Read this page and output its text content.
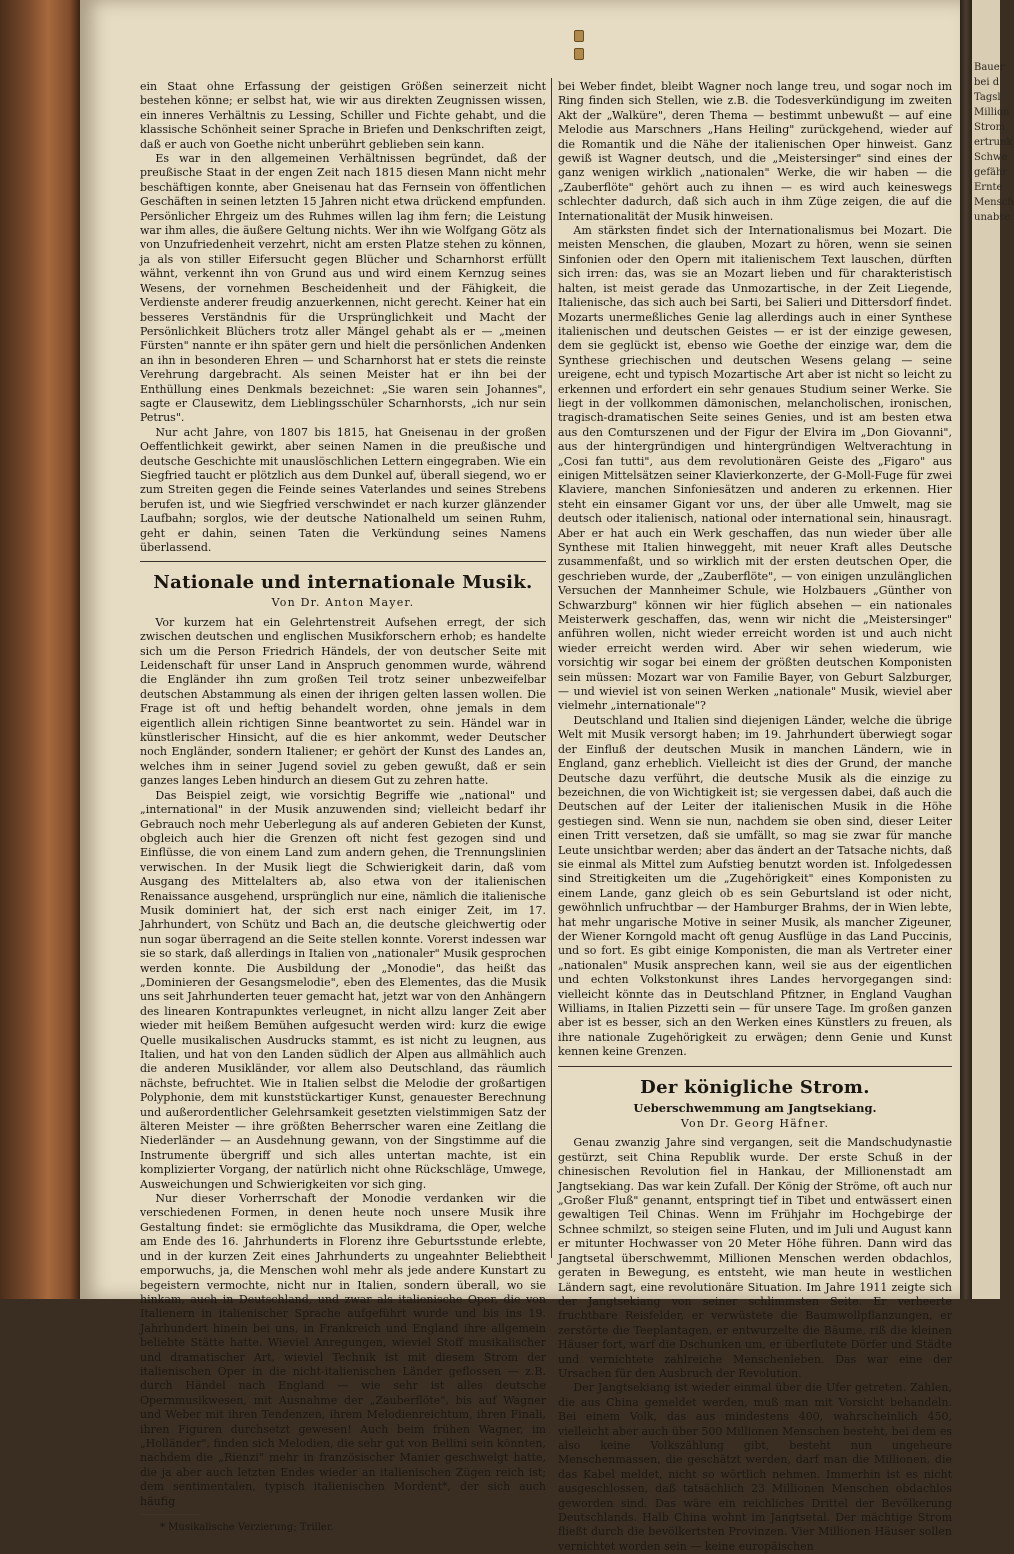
ein Staat ohne Erfassung der geistigen Größen seinerzeit nicht bestehen könne; er selbst hat, wie wir aus direkten Zeugnissen wissen, ein inneres Verhältnis zu Lessing, Schiller und Fichte gehabt, und die klassische Schönheit seiner Sprache in Briefen und Denkschriften zeigt, daß er auch von Goethe nicht unberührt geblieben sein kann.

Es war in den allgemeinen Verhältnissen begründet, daß der preußische Staat in der engen Zeit nach 1815 diesen Mann nicht mehr beschäftigen konnte, aber Gneisenau hat das Fernsein von öffentlichen Geschäften in seinen letzten 15 Jahren nicht etwa drückend empfunden. Persönlicher Ehrgeiz um des Ruhmes willen lag ihm fern; die Leistung war ihm alles, die äußere Geltung nichts. Wer ihn wie Wolfgang Götz als von Unzufriedenheit verzehrt, nicht am ersten Platze stehen zu können, ja als von stiller Eifersucht gegen Blücher und Scharnhorst erfüllt wähnt, verkennt ihn von Grund aus und wird einem Kernzug seines Wesens, der vornehmen Bescheidenheit und der Fähigkeit, die Verdienste anderer freudig anzuerkennen, nicht gerecht. Keiner hat ein besseres Verständnis für die Ursprünglichkeit und Macht der Persönlichkeit Blüchers trotz aller Mängel gehabt als er — „meinen Fürsten" nannte er ihn später gern und hielt die persönlichen Andenken an ihn in besonderen Ehren — und Scharnhorst hat er stets die reinste Verehrung dargebracht. Als seinen Meister hat er ihn bei der Enthüllung eines Denkmals bezeichnet: „Sie waren sein Johannes", sagte er Clausewitz, dem Lieblingsschüler Scharnhorsts, „ich nur sein Petrus".

Nur acht Jahre, von 1807 bis 1815, hat Gneisenau in der großen Oeffentlichkeit gewirkt, aber seinen Namen in die preußische und deutsche Geschichte mit unauslöschlichen Lettern eingegraben. Wie ein Siegfried taucht er plötzlich aus dem Dunkel auf, überall siegend, wo er zum Streiten gegen die Feinde seines Vaterlandes und seines Strebens berufen ist, und wie Siegfried verschwindet er nach kurzer glänzender Laufbahn; sorglos, wie der deutsche Nationalheld um seinen Ruhm, geht er dahin, seinen Taten die Verkündung seines Namens überlassend.

Nationale und internationale Musik.
Von Dr. Anton Mayer.

Vor kurzem hat ein Gelehrtenstreit Aufsehen erregt, der sich zwischen deutschen und englischen Musikforschern erhob; es handelte sich um die Person Friedrich Händels, der von deutscher Seite mit Leidenschaft für unser Land in Anspruch genommen wurde, während die Engländer ihn zum großen Teil trotz seiner unbezweifelbar deutschen Abstammung als einen der ihrigen gelten lassen wollen. Die Frage ist oft und heftig behandelt worden, ohne jemals in dem eigentlich allein richtigen Sinne beantwortet zu sein. Händel war in künstlerischer Hinsicht, auf die es hier ankommt, weder Deutscher noch Engländer, sondern Italiener; er gehört der Kunst des Landes an, welches ihm in seiner Jugend soviel zu geben gewußt, daß er sein ganzes langes Leben hindurch an diesem Gut zu zehren hatte.

Das Beispiel zeigt, wie vorsichtig Begriffe wie „national" und „international" in der Musik anzuwenden sind; vielleicht bedarf ihr Gebrauch noch mehr Ueberlegung als auf anderen Gebieten der Kunst, obgleich auch hier die Grenzen oft nicht fest gezogen sind und Einflüsse, die von einem Land zum andern gehen, die Trennungslinien verwischen. In der Musik liegt die Schwierigkeit darin, daß vom Ausgang des Mittelalters ab, also etwa von der italienischen Renaissance ausgehend, ursprünglich nur eine, nämlich die italienische Musik dominiert hat, der sich erst nach einiger Zeit, im 17. Jahrhundert, von Schütz und Bach an, die deutsche gleichwertig oder nun sogar überragend an die Seite stellen konnte. Vorerst indessen war sie so stark, daß allerdings in Italien von „nationaler" Musik gesprochen werden konnte. Die Ausbildung der „Monodie", das heißt das „Dominieren der Gesangsmelodie", eben des Elementes, das die Musik uns seit Jahrhunderten teuer gemacht hat, jetzt war von den Anhängern des linearen Kontrapunktes verleugnet, in nicht allzu langer Zeit aber wieder mit heißem Bemühen aufgesucht werden wird: kurz die ewige Quelle musikalischen Ausdrucks stammt, es ist nicht zu leugnen, aus Italien, und hat von den Landen südlich der Alpen aus allmählich auch die anderen Musikländer, vor allem also Deutschland, das räumlich nächste, befruchtet. Wie in Italien selbst die Melodie der großartigen Polyphonie, dem mit kunststückartiger Kunst, genauester Berechnung und außerordentlicher Gelehrsamkeit gesetzten vielstimmigen Satz der älteren Meister — ihre größten Beherrscher waren eine Zeitlang die Niederländer — an Ausdehnung gewann, von der Singstimme auf die Instrumente übergriff und sich alles untertan machte, ist ein komplizierter Vorgang, der natürlich nicht ohne Rückschläge, Umwege, Ausweichungen und Schwierigkeiten vor sich ging.

Nur dieser Vorherrschaft der Monodie verdanken wir die verschiedenen Formen, in denen heute noch unsere Musik ihre Gestaltung findet: sie ermöglichte das Musikdrama, die Oper, welche am Ende des 16. Jahrhunderts in Florenz ihre Geburtsstunde erlebte, und in der kurzen Zeit eines Jahrhunderts zu ungeahnter Beliebtheit emporwuchs, ja, die Menschen wohl mehr als jede andere Kunstart zu begeistern vermochte, nicht nur in Italien, sondern überall, wo sie hinkam, auch in Deutschland, und zwar als italienische Oper, die von Italienern in italienischer Sprache aufgeführt wurde und bis ins 19. Jahrhundert hinein bei uns, in Frankreich und England ihre allgemein beliebte Stätte hatte. Wieviel Anregungen, wieviel Stoff musikalischer und dramatischer Art, wieviel Technik ist mit diesem Strom der italienischen Oper in die nicht-italienischen Länder geflossen — z.B. durch Händel nach England — wie sehr ist alles deutsche Opernmusikwesen, mit Ausnahme der „Zauberflöte", bis auf Wagner und Weber mit ihren Tendenzen, ihrem Melodienreichtum, ihren Finali, ihren Figuren durchsetzt gewesen! Auch beim frühen Wagner, im „Holländer", finden sich Melodien, die sehr gut von Bellini sein könnten, nachdem die „Rienzi" mehr in französischer Manier geschwelgt hatte, die ja aber auch letzten Endes wieder an italienischen Zügen reich ist; dem sentimentalen, typisch italienischen Mordent*, der sich auch häufig

* Musikalische Verzierung; Triller.

bei Weber findet, bleibt Wagner noch lange treu, und sogar noch im Ring finden sich Stellen, wie z.B. die Todesverkündigung im zweiten Akt der „Walküre", deren Thema — bestimmt unbewußt — auf eine Melodie aus Marschners „Hans Heiling" zurückgehend, wieder auf die Romantik und die Nähe der italienischen Oper hinweist. Ganz gewiß ist Wagner deutsch, und die „Meistersinger" sind eines der ganz wenigen wirklich „nationalen" Werke, die wir haben — die „Zauberflöte" gehört auch zu ihnen — es wird auch keineswegs schlechter dadurch, daß sich auch in ihm Züge zeigen, die auf die Internationalität der Musik hinweisen.

Am stärksten findet sich der Internationalismus bei Mozart. Die meisten Menschen, die glauben, Mozart zu hören, wenn sie seinen Sinfonien oder den Opern mit italienischem Text lauschen, dürften sich irren: das, was sie an Mozart lieben und für charakteristisch halten, ist meist gerade das Unmozartische, in der Zeit Liegende, Italienische, das sich auch bei Sarti, bei Salieri und Dittersdorf findet. Mozarts unermeßliches Genie lag allerdings auch in einer Synthese italienischen und deutschen Geistes — er ist der einzige gewesen, dem sie geglückt ist, ebenso wie Goethe der einzige war, dem die Synthese griechischen und deutschen Wesens gelang — seine ureigene, echt und typisch Mozartische Art aber ist nicht so leicht zu erkennen und erfordert ein sehr genaues Studium seiner Werke. Sie liegt in der vollkommen dämonischen, melancholischen, ironischen, tragisch-dramatischen Seite seines Genies, und ist am besten etwa aus den Comturszenen und der Figur der Elvira im „Don Giovanni", aus der hintergründigen und hintergründigen Weltverachtung in „Cosi fan tutti", aus dem revolutionären Geiste des „Figaro" aus einigen Mittelsätzen seiner Klavierkonzerte, der G-Moll-Fuge für zwei Klaviere, manchen Sinfoniesätzen und anderen zu erkennen. Hier steht ein einsamer Gigant vor uns, der über alle Umwelt, mag sie deutsch oder italienisch, national oder international sein, hinausragt. Aber er hat auch ein Werk geschaffen, das nun wieder über alle Synthese mit Italien hinweggeht, mit neuer Kraft alles Deutsche zusammenfaßt, und so wirklich mit der ersten deutschen Oper, die geschrieben wurde, der „Zauberflöte", — von einigen unzulänglichen Versuchen der Mannheimer Schule, wie Holzbauers „Günther von Schwarzburg" können wir hier füglich absehen — ein nationales Meisterwerk geschaffen, das, wenn wir nicht die „Meistersinger" anführen wollen, nicht wieder erreicht worden ist und auch nicht wieder erreicht werden wird. Aber wir sehen wiederum, wie vorsichtig wir sogar bei einem der größten deutschen Komponisten sein müssen: Mozart war von Familie Bayer, von Geburt Salzburger, — und wieviel ist von seinen Werken „nationale" Musik, wieviel aber vielmehr „internationale"?

Deutschland und Italien sind diejenigen Länder, welche die übrige Welt mit Musik versorgt haben; im 19. Jahrhundert überwiegt sogar der Einfluß der deutschen Musik in manchen Ländern, wie in England, ganz erheblich. Vielleicht ist dies der Grund, der manche Deutsche dazu verführt, die deutsche Musik als die einzige zu bezeichnen, die von Wichtigkeit ist; sie vergessen dabei, daß auch die Deutschen auf der Leiter der italienischen Musik in die Höhe gestiegen sind. Wenn sie nun, nachdem sie oben sind, dieser Leiter einen Tritt versetzen, daß sie umfällt, so mag sie zwar für manche Leute unsichtbar werden; aber das ändert an der Tatsache nichts, daß sie einmal als Mittel zum Aufstieg benutzt worden ist. Infolgedessen sind Streitigkeiten um die „Zugehörigkeit" eines Komponisten zu einem Lande, ganz gleich ob es sein Geburtsland ist oder nicht, gewöhnlich unfruchtbar — der Hamburger Brahms, der in Wien lebte, hat mehr ungarische Motive in seiner Musik, als mancher Zigeuner, der Wiener Korngold macht oft genug Ausflüge in das Land Puccinis, und so fort. Es gibt einige Komponisten, die man als Vertreter einer „nationalen" Musik ansprechen kann, weil sie aus der eigentlichen und echten Volkstonkunst ihres Landes hervorgegangen sind: vielleicht könnte das in Deutschland Pfitzner, in England Vaughan Williams, in Italien Pizzetti sein — für unsere Tage. Im großen ganzen aber ist es besser, sich an den Werken eines Künstlers zu freuen, als ihre nationale Zugehörigkeit zu erwägen; denn Genie und Kunst kennen keine Grenzen.

Der königliche Strom.
Ueberschwemmung am Jangtsekiang.
Von Dr. Georg Häfner.

Genau zwanzig Jahre sind vergangen, seit die Mandschudynastie gestürzt, seit China Republik wurde. Der erste Schuß in der chinesischen Revolution fiel in Hankau, der Millionenstadt am Jangtsekiang. Das war kein Zufall. Der König der Ströme, oft auch nur „Großer Fluß" genannt, entspringt tief in Tibet und entwässert einen gewaltigen Teil Chinas. Wenn im Frühjahr im Hochgebirge der Schnee schmilzt, so steigen seine Fluten, und im Juli und August kann er mitunter Hochwasser von 20 Meter Höhe führen. Dann wird das Jangtsetal überschwemmt, Millionen Menschen werden obdachlos, geraten in Bewegung, es entsteht, wie man heute in westlichen Ländern sagt, eine revolutionäre Situation. Im Jahre 1911 zeigte sich der Jangtsekiang von seiner schlimmsten Seite. Er verheerte fruchtbare Reisfelder, er verwüstete die Baumwollpflanzungen, er zerstörte die Teeplantagen, er entwurzelte die Bäume, riß die kleinen Häuser fort, warf die Dschunken um, er überflutete Dörfer und Städte und vernichtete zahlreiche Menschenleben. Das war eine der Ursachen für den Ausbruch der Revolution.

Der Jangtsekiang ist wieder einmal über die Ufer getreten. Zahlen, die aus China gemeldet werden, muß man mit Vorsicht behandeln. Bei einem Volk, das aus mindestens 400, wahrscheinlich 450, vielleicht aber auch über 500 Millionen Menschen besteht, bei dem es also keine Volkszählung gibt, besteht nun ungeheure Menschenmassen, die geschätzt werden, darf man die Millionen, die das Kabel meldet, nicht so wörtlich nehmen. Immerhin ist es nicht ausgeschlossen, daß tatsächlich 23 Millionen Menschen obdachlos geworden sind. Das wäre ein reichliches Drittel der Bevölkerung Deutschlands. Halb China wohnt im Jangtsetal. Der mächtige Strom fließt durch die bevölkertsten Provinzen. Vier Millionen Häuser sollen vernichtet worden sein — keine europäischen

Bauer
bei d
Tagsl
Million
Strom
ertrunk
Schwe
gefähr
Ernte
Mensch
unabse
